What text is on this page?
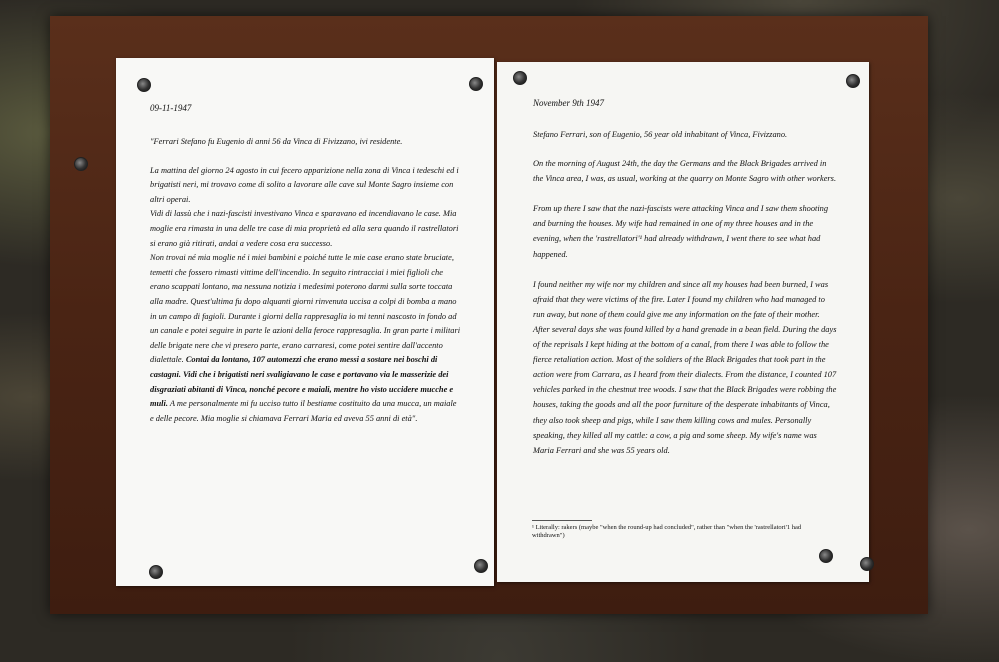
09-11-1947

"Ferrari Stefano fu Eugenio di anni 56 da Vinca di Fivizzano, ivi residente.

La mattina del giorno 24 agosto in cui fecero apparizione nella zona di Vinca i tedeschi ed i brigatisti neri, mi trovavo come di solito a lavorare alle cave sul Monte Sagro insieme con altri operai.

Vidi di lassù che i nazi-fascisti investivano Vinca e sparavano ed incendiavano le case. Mia moglie era rimasta in una delle tre case di mia proprietà ed alla sera quando il rastrellatori si erano già ritirati, andai a vedere cosa era successo.

Non trovai né mia moglie né i miei bambini e poiché tutte le mie case erano state bruciate, temetti che fossero rimasti vittime dell'incendio. In seguito rintracciai i miei figlioli che erano scappati lontano, ma nessuna notizia i medesimi poterono darmi sulla sorte toccata alla madre. Quest'ultima fu dopo alquanti giorni rinvenuta uccisa a colpi di bomba a mano in un campo di fagioli. Durante i giorni della rappresaglia io mi tenni nascosto in fondo ad un canale e potei seguire in parte le azioni della feroce rappresaglia. In gran parte i militari delle brigate nere che vi presero parte, erano carraresi, come potei sentire dall'accento dialettale. Contai da lontano, 107 automezzi che erano messi a sostare nei boschi di castagni. Vidi che i brigatisti neri svaligiavano le case e portavano via le masserizie dei disgraziati abitanti di Vinca, nonché pecore e maiali, mentre ho visto uccidere mucche e muli. A me personalmente mi fu ucciso tutto il bestiame costituito da una mucca, un maiale e delle pecore. Mia moglie si chiamava Ferrari Maria ed aveva 55 anni di età".

November 9th 1947

Stefano Ferrari, son of Eugenio, 56 year old inhabitant of Vinca, Fivizzano.

On the morning of August 24th, the day the Germans and the Black Brigades arrived in the Vinca area, I was, as usual, working at the quarry on Monte Sagro with other workers.

From up there I saw that the nazi-fascists were attacking Vinca and I saw them shooting and burning the houses. My wife had remained in one of my three houses and in the evening, when the 'rastrellatori'¹ had already withdrawn, I went there to see what had happened.

I found neither my wife nor my children and since all my houses had been burned, I was afraid that they were victims of the fire. Later I found my children who had managed to run away, but none of them could give me any information on the fate of their mother. After several days she was found killed by a hand grenade in a bean field. During the days of the reprisals I kept hiding at the bottom of a canal, from there I was able to follow the fierce retaliation action. Most of the soldiers of the Black Brigades that took part in the action were from Carrara, as I heard from their dialects. From the distance, I counted 107 vehicles parked in the chestnut tree woods. I saw that the Black Brigades were robbing the houses, taking the goods and all the poor furniture of the desperate inhabitants of Vinca, they also took sheep and pigs, while I saw them killing cows and mules. Personally speaking, they killed all my cattle: a cow, a pig and some sheep. My wife's name was Maria Ferrari and she was 55 years old.

¹ Literally: rakers (maybe "when the round-up had concluded", rather than "when the 'rastrellatori'1 had withdrawn")
